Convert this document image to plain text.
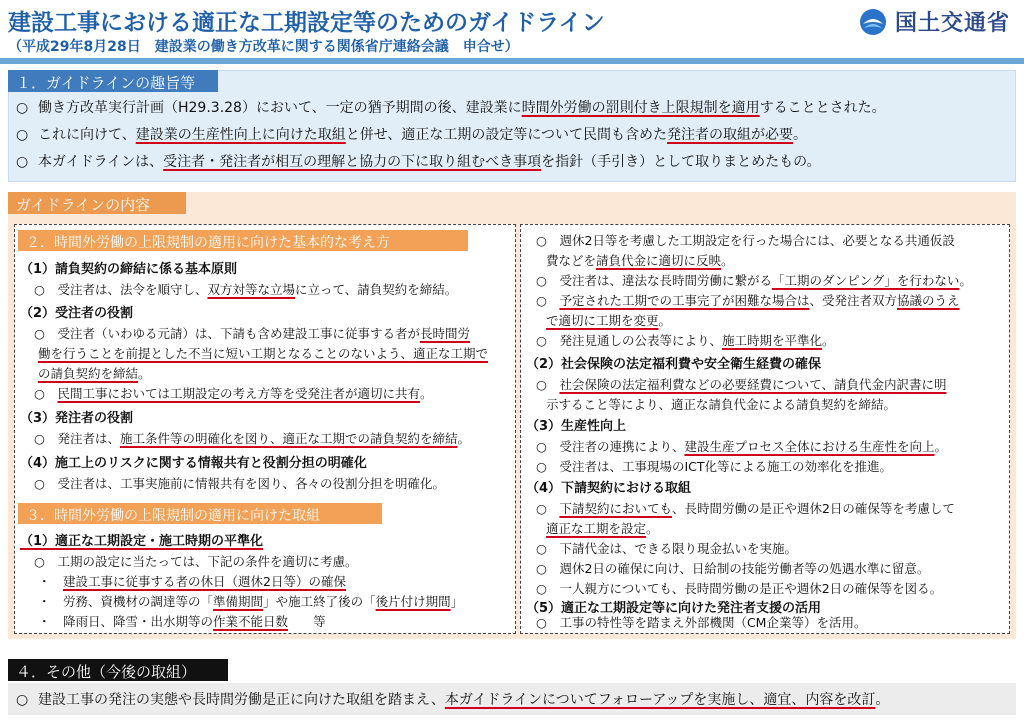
建設工事における適正な工期設定等のためのガイドライン
（平成29年8月28日　建設業の働き方改革に関する関係省庁連絡会議　申合せ）
国土交通省
１．ガイドラインの趣旨等
○ 働き方改革実行計画（H29.3.28）において、一定の猶予期間の後、建設業に時間外労働の罰則付き上限規制を適用することとされた。
○ これに向けて、建設業の生産性向上に向けた取組と併せ、適正な工期の設定等について民間も含めた発注者の取組が必要。
○ 本ガイドラインは、受注者・発注者が相互の理解と協力の下に取り組むべき事項を指針（手引き）として取りまとめたもの。
ガイドラインの内容
２．時間外労働の上限規制の適用に向けた基本的な考え方
（1）請負契約の締結に係る基本原則
○　 受注者は、法令を順守し、双方対等な立場に立って、請負契約を締結。
（2）受注者の役割
○　 受注者（いわゆる元請）は、下請も含め建設工事に従事する者が長時間労
働を行うことを前提とした不当に短い工期となることのないよう、適正な工期で
の請負契約を締結。
○　 民間工事においては工期設定の考え方等を受発注者が適切に共有。
（3）発注者の役割
○　 発注者は、施工条件等の明確化を図り、適正な工期での請負契約を締結。
（4）施工上のリスクに関する情報共有と役割分担の明確化
○　 受注者は、工事実施前に情報共有を図り、各々の役割分担を明確化。
３．時間外労働の上限規制の適用に向けた取組
（1）適正な工期設定・施工時期の平準化
○　 工期の設定に当たっては、下記の条件を適切に考慮。
・　 建設工事に従事する者の休日（週休2日等）の確保
・　 労務、資機材の調達等の「準備期間」や施工終了後の「後片付け期間」
・　 降雨日、降雪・出水期等の作業不能日数　　等
○　 週休2日等を考慮した工期設定を行った場合には、必要となる共通仮設
費などを請負代金に適切に反映。
○　 受注者は、違法な長時間労働に繋がる「工期のダンピング」を行わない。
○　 予定された工期での工事完了が困難な場合は、受発注者双方協議のうえ
で適切に工期を変更。
○　 発注見通しの公表等により、施工時期を平準化。
（2）社会保険の法定福利費や安全衛生経費の確保
○　 社会保険の法定福利費などの必要経費について、請負代金内訳書に明
示すること等により、適正な請負代金による請負契約を締結。
（3）生産性向上
○　 受注者の連携により、建設生産プロセス全体における生産性を向上。
○　 受注者は、工事現場のICT化等による施工の効率化を推進。
（4）下請契約における取組
○　 下請契約においても、長時間労働の是正や週休2日の確保等を考慮して
適正な工期を設定。
○　 下請代金は、できる限り現金払いを実施。
○　 週休2日の確保に向け、日給制の技能労働者等の処遇水準に留意。
○　 一人親方についても、長時間労働の是正や週休2日の確保等を図る。
（5）適正な工期設定等に向けた発注者支援の活用
○　 工事の特性等を踏まえ外部機関（CM企業等）を活用。
４．その他（今後の取組）
○ 建設工事の発注の実態や長時間労働是正に向けた取組を踏まえ、本ガイドラインについてフォローアップを実施し、適宜、内容を改訂。
